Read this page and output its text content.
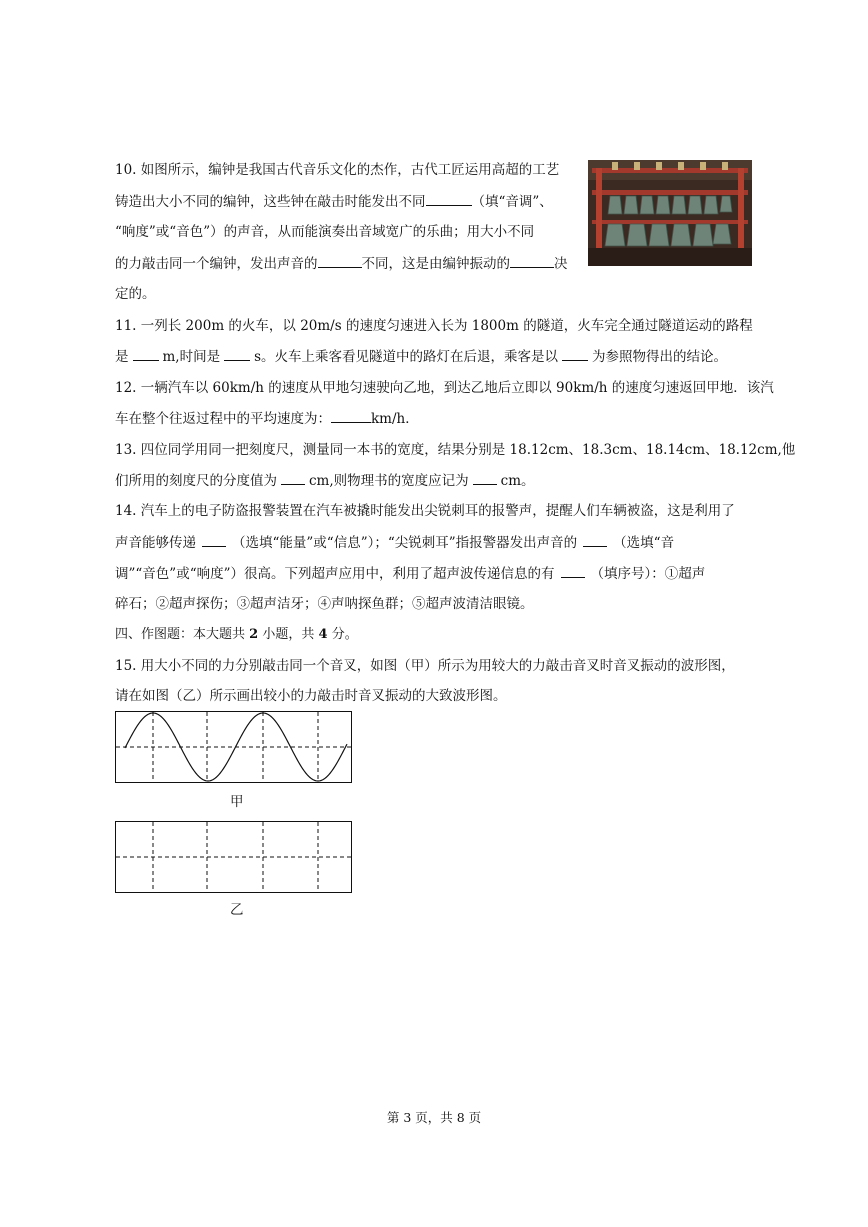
10. 如图所示，编钟是我国古代音乐文化的杰作，古代工匠运用高超的工艺
铸造出大小不同的编钟，这些钟在敲击时能发出不同	（填“音调”、
“响度”或“音色”）的声音，从而能演奏出音域宽广的乐曲；用大小不同
的力敲击同一个编钟，发出声音的	不同，这是由编钟振动的	决
定的。
11. 一列长 200m 的火车，以 20m/s 的速度匀速进入长为 1800m 的隧道，火车完全通过隧道运动的路程
是	m,时间是	s。火车上乘客看见隧道中的路灯在后退，乘客是以	为参照物得出的结论。
12. 一辆汽车以 60km/h 的速度从甲地匀速驶向乙地，到达乙地后立即以 90km/h 的速度匀速返回甲地．该汽
车在整个往返过程中的平均速度为：	km/h．
13. 四位同学用同一把刻度尺，测量同一本书的宽度，结果分别是 18.12cm、18.3cm、18.14cm、18.12cm,他
们所用的刻度尺的分度值为 cm,则物理书的宽度应记为 cm。
14. 汽车上的电子防盗报警装置在汽车被撬时能发出尖锐刺耳的报警声，提醒人们车辆被盗，这是利用了
声音能够传递	（选填“能量”或“信息”）；“尖锐刺耳”指报警器发出声音的	（选填“音
调”“音色”或“响度”）很高。下列超声应用中，利用了超声波传递信息的有	（填序号）：①超声
碎石；②超声探伤；③超声洁牙；④声呐探鱼群；⑤超声波清洁眼镜。
四、作图题：本大题共 2 小题，共 4 分。
15. 用大小不同的力分别敲击同一个音叉，如图（甲）所示为用较大的力敲击音叉时音叉振动的波形图，
请在如图（乙）所示画出较小的力敲击时音叉振动的大致波形图。
甲
乙
第 3 页，共 8 页
